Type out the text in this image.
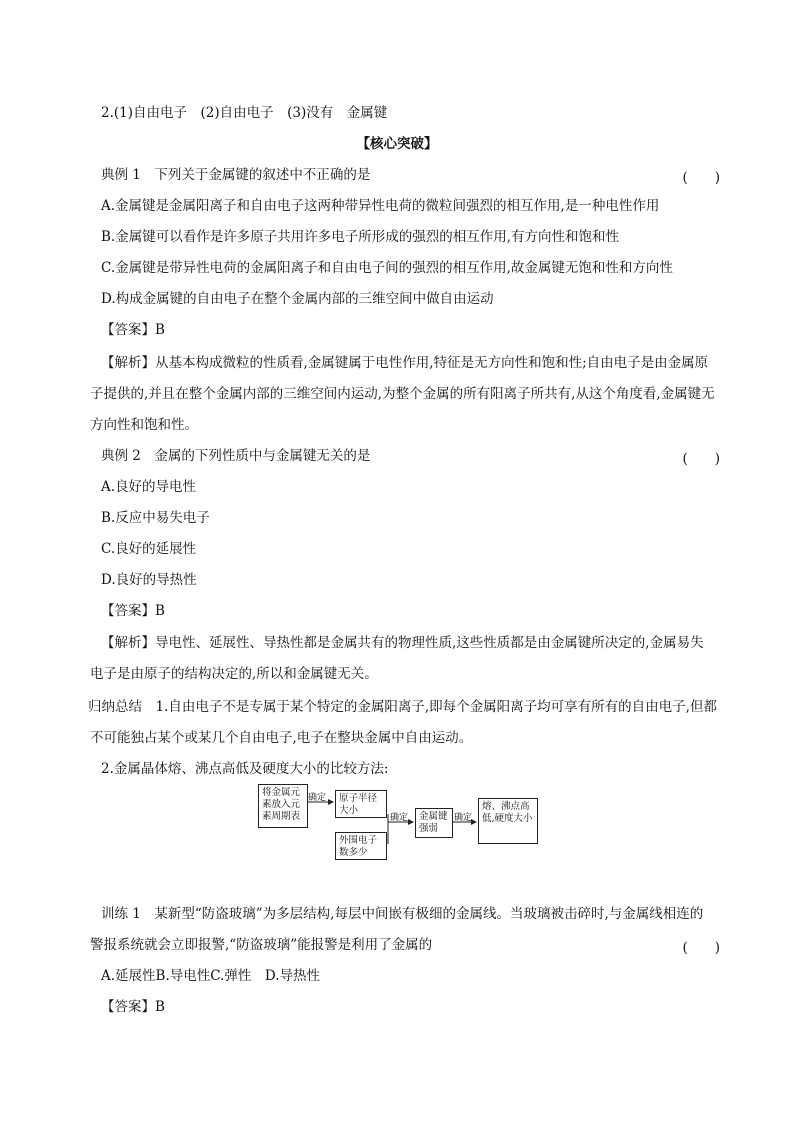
2.(1)自由电子　(2)自由电子　(3)没有　金属键
【核心突破】
典例 1　下列关于金属键的叙述中不正确的是	(　　)
A.金属键是金属阳离子和自由电子这两种带异性电荷的微粒间强烈的相互作用,是一种电性作用
B.金属键可以看作是许多原子共用许多电子所形成的强烈的相互作用,有方向性和饱和性
C.金属键是带异性电荷的金属阳离子和自由电子间的强烈的相互作用,故金属键无饱和性和方向性
D.构成金属键的自由电子在整个金属内部的三维空间中做自由运动
【答案】B
【解析】从基本构成微粒的性质看,金属键属于电性作用,特征是无方向性和饱和性;自由电子是由金属原
子提供的,并且在整个金属内部的三维空间内运动,为整个金属的所有阳离子所共有,从这个角度看,金属键无
方向性和饱和性。
典例 2　金属的下列性质中与金属键无关的是	(　　)
A.良好的导电性
B.反应中易失电子
C.良好的延展性
D.良好的导热性
【答案】B
【解析】导电性、延展性、导热性都是金属共有的物理性质,这些性质都是由金属键所决定的,金属易失
电子是由原子的结构决定的,所以和金属键无关。
归纳总结　1.自由电子不是专属于某个特定的金属阳离子,即每个金属阳离子均可享有所有的自由电子,但都
不可能独占某个或某几个自由电子,电子在整块金属中自由运动。
2.金属晶体熔、沸点高低及硬度大小的比较方法:
将金属元素放入元素周期表
确定	原子半径大小
外围电子数多少
确定	金属键强弱
确定
熔、沸点高低,硬度大小
训练 1　某新型“防盗玻璃”为多层结构,每层中间嵌有极细的金属线。当玻璃被击碎时,与金属线相连的
警报系统就会立即报警,“防盗玻璃”能报警是利用了金属的	(　　)
A.延展性B.导电性C.弹性　D.导热性
【答案】B
